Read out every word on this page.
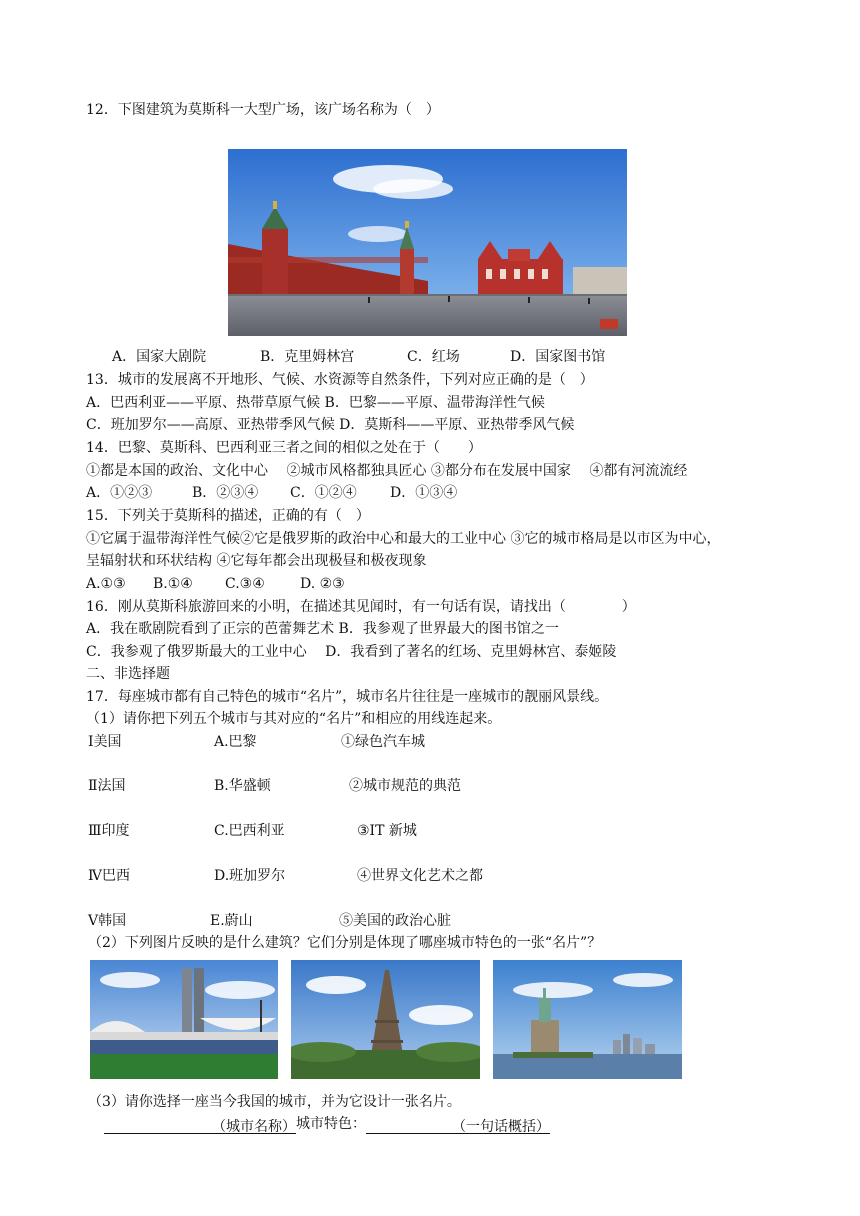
12．下图建筑为莫斯科一大型广场，该广场名称为（　）
A．国家大剧院	B．克里姆林宫	C．红场	D．国家图书馆
13．城市的发展离不开地形、气候、水资源等自然条件，下列对应正确的是（　）
A．巴西利亚——平原、热带草原气候 B．巴黎——平原、温带海洋性气候
C．班加罗尔——高原、亚热带季风气候 D．莫斯科——平原、亚热带季风气候
14．巴黎、莫斯科、巴西利亚三者之间的相似之处在于（　　）
①都是本国的政治、文化中心　 ②城市风格都独具匠心 ③都分布在发展中国家　 ④都有河流流经
A．①②③	B．②③④ C．①②④ D．①③④
15．下列关于莫斯科的描述，正确的有（　）
①它属于温带海洋性气候②它是俄罗斯的政治中心和最大的工业中心 ③它的城市格局是以市区为中心，
呈辐射状和环状结构 ④它每年都会出现极昼和极夜现象
A.①③ B.①④ C.③④	D. ②③
16．刚从莫斯科旅游回来的小明，在描述其见闻时，有一句话有误，请找出（　　　　）
A．我在歌剧院看到了正宗的芭蕾舞艺术 B．我参观了世界最大的图书馆之一
C．我参观了俄罗斯最大的工业中心　 D．我看到了著名的红场、克里姆林宫、泰姬陵
二、非选择题
17．每座城市都有自己特色的城市“名片”，城市名片往往是一座城市的靓丽风景线。
（1）请你把下列五个城市与其对应的“名片”和相应的用线连起来。
Ⅰ美国	A.巴黎	①绿色汽车城
Ⅱ法国	B.华盛顿	②城市规范的典范
Ⅲ印度	C.巴西利亚	③IT 新城
Ⅳ巴西	D.班加罗尔	④世界文化艺术之都
Ⅴ韩国	E.蔚山	⑤美国的政治心脏
（2）下列图片反映的是什么建筑？它们分别是体现了哪座城市特色的一张“名片”？
（3）请你选择一座当今我国的城市，并为它设计一张名片。
（城市名称）城市特色：	（一句话概括）
